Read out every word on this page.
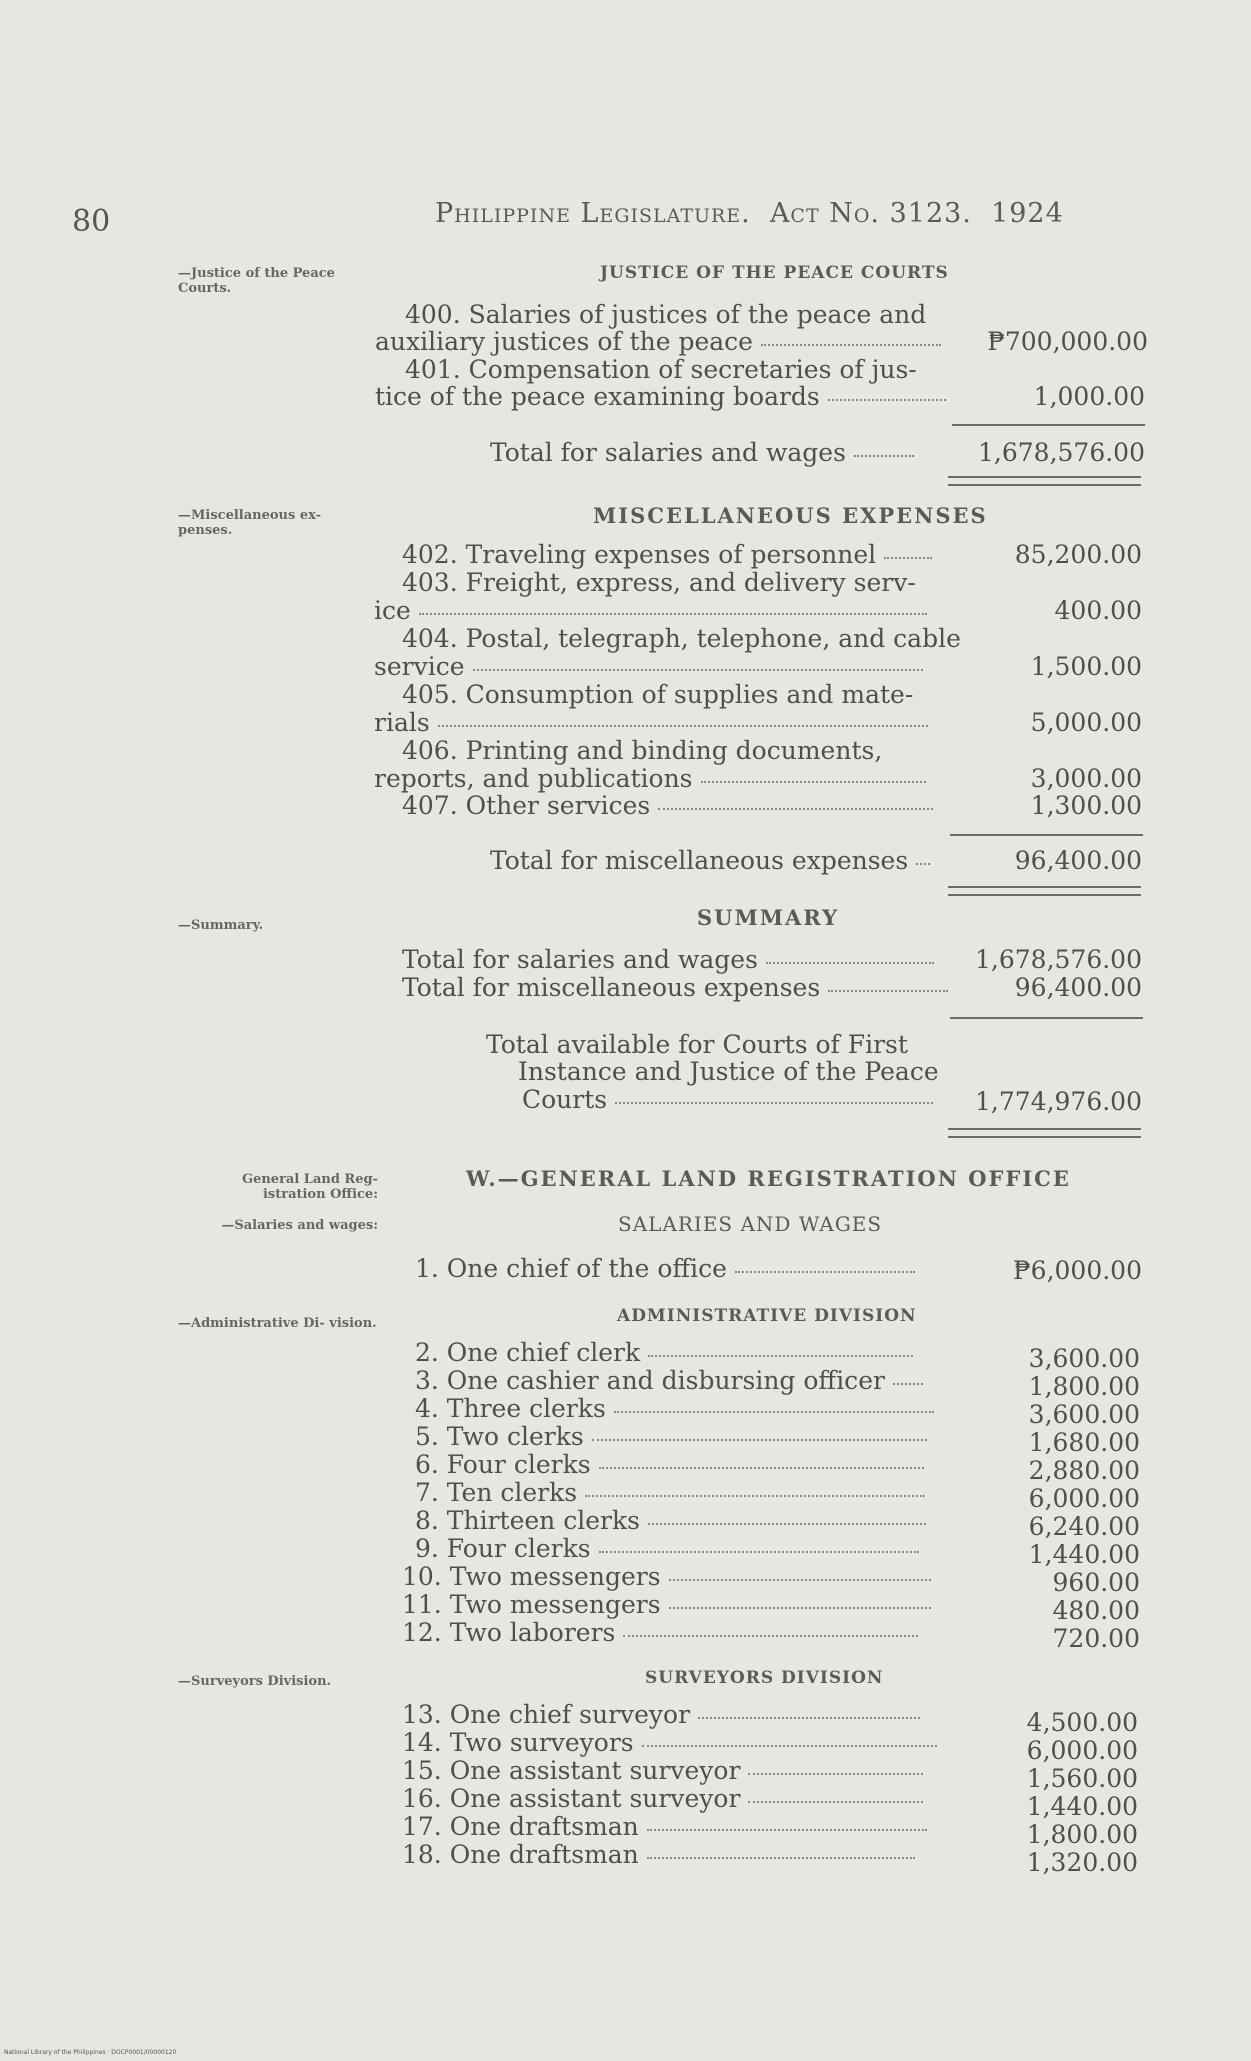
80	Philippine Legislature. Act No. 3123. 1924
—Justice of the Peace Courts.
—Miscellaneous ex- penses.
—Summary.
General Land Reg- istration Office:
—Salaries and wages:
—Administrative Di- vision.
—Surveyors Division.
JUSTICE OF THE PEACE COURTS
400. Salaries of justices of the peace and
auxiliary justices of the peace	₱700,000.00
401. Compensation of secretaries of jus-
tice of the peace examining boards	1,000.00
Total for salaries and wages	1,678,576.00
MISCELLANEOUS EXPENSES
402. Traveling expenses of personnel	85,200.00
403. Freight, express, and delivery serv-
ice	400.00
404. Postal, telegraph, telephone, and cable
service	1,500.00
405. Consumption of supplies and mate-
rials	5,000.00
406. Printing and binding documents,
reports, and publications	3,000.00
407. Other services	1,300.00
Total for miscellaneous expenses	96,400.00
SUMMARY
Total for salaries and wages	1,678,576.00
Total for miscellaneous expenses	96,400.00
Total available for Courts of First
Instance and Justice of the Peace
Courts	1,774,976.00
W.—GENERAL LAND REGISTRATION OFFICE
SALARIES AND WAGES
1. One chief of the office	₱6,000.00
ADMINISTRATIVE DIVISION
2. One chief clerk	3,600.00
3. One cashier and disbursing officer	1,800.00
4. Three clerks	3,600.00
5. Two clerks	1,680.00
6. Four clerks	2,880.00
7. Ten clerks	6,000.00
8. Thirteen clerks	6,240.00
9. Four clerks	1,440.00
10. Two messengers	960.00
11. Two messengers	480.00
12. Two laborers	720.00
SURVEYORS DIVISION
13. One chief surveyor	4,500.00
14. Two surveyors	6,000.00
15. One assistant surveyor	1,560.00
16. One assistant surveyor	1,440.00
17. One draftsman	1,800.00
18. One draftsman	1,320.00
National Library of the Philippines · DOCP0001/00000120
